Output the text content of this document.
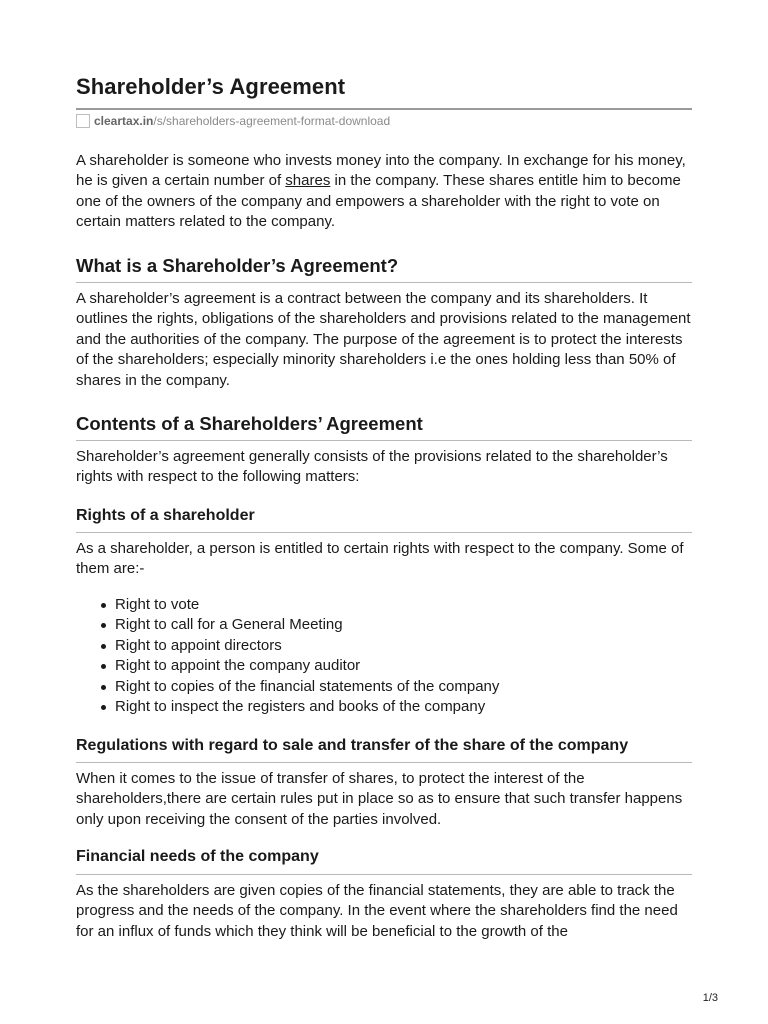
Shareholder’s Agreement
cleartax.in /s/shareholders-agreement-format-download

A shareholder is someone who invests money into the company. In exchange for his money, he is given a certain number of shares in the company. These shares entitle him to become one of the owners of the company and empowers a shareholder with the right to vote on certain matters related to the company.

What is a Shareholder’s Agreement?

A shareholder’s agreement is a contract between the company and its shareholders. It outlines the rights, obligations of the shareholders and provisions related to the management and the authorities of the company. The purpose of the agreement is to protect the interests of the shareholders; especially minority shareholders i.e the ones holding less than 50% of shares in the company.

Contents of a Shareholders’ Agreement

Shareholder’s agreement generally consists of the provisions related to the shareholder’s rights with respect to the following matters:

Rights of a shareholder

As a shareholder, a person is entitled to certain rights with respect to the company. Some of them are:-

Right to vote
Right to call for a General Meeting
Right to appoint directors
Right to appoint the company auditor
Right to copies of the financial statements of the company
Right to inspect the registers and books of the company
Regulations with regard to sale and transfer of the share of the company

When it comes to the issue of transfer of shares, to protect the interest of the shareholders,there are certain rules put in place so as to ensure that such transfer happens only upon receiving the consent of the parties involved.

Financial needs of the company

As the shareholders are given copies of the financial statements, they are able to track the progress and the needs of the company. In the event where the shareholders find the need for an influx of funds which they think will be beneficial to the growth of the

1/3
